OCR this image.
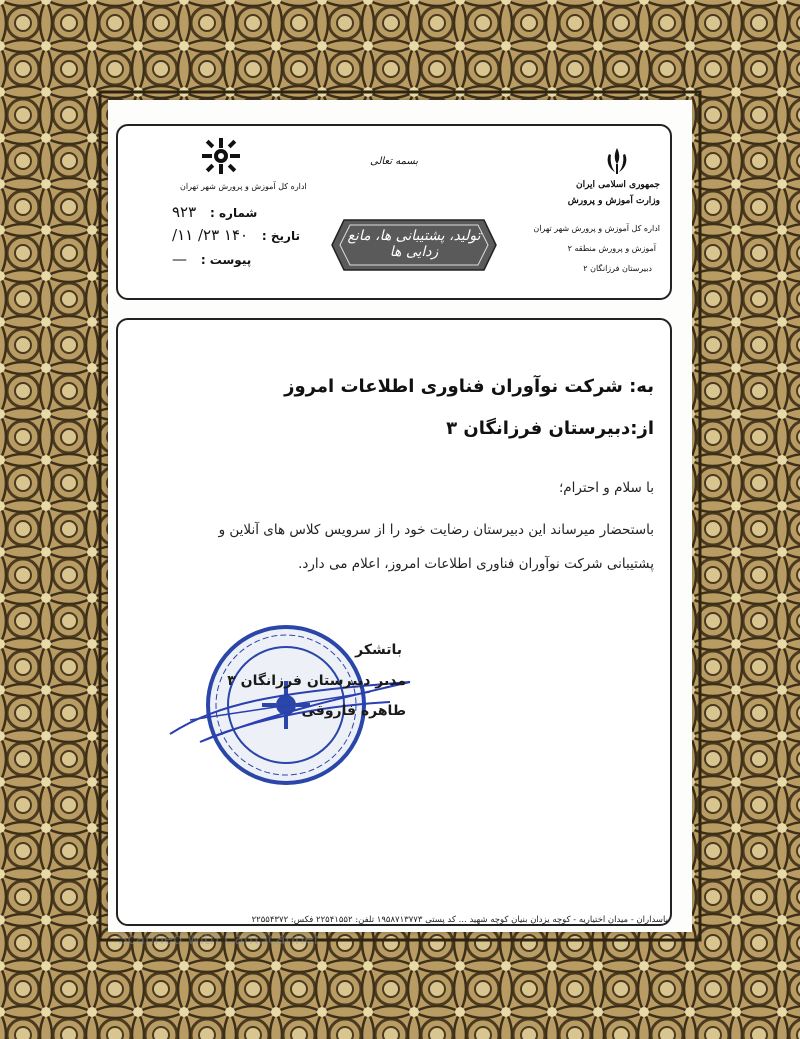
جمهوری اسلامی ایران
وزارت آموزش و پرورش
اداره کل آموزش و پرورش شهر تهران
آموزش و پرورش منطقه ۲
دبیرستان فرزانگان ۲
بسمه تعالی
اداره کل آموزش و پرورش شهر تهران
شماره : ۹۲۳
تاریخ : ۱۴۰ ۲۳/ ۱۱/
پیوست : —
تولید، پشتیبانی ها، مانع زدایی ها
به: شرکت نوآوران فناوری اطلاعات امروز
از:دبیرستان فرزانگان ۳
با سلام و احترام؛
باستحضار میرساند این دبیرستان رضایت خود را از سرویس کلاس های آنلاین و
پشتیبانی شرکت نوآوران فناوری اطلاعات امروز، اعلام می دارد.
باتشکر
مدیر دبیرستان فرزانگان ۳
طاهره فاروقی
پاسداران - میدان اختیاریه - کوچه یزدان بنیان کوچه شهید ... کد پستی ۱۹۵۸۷۱۳۷۷۳ تلفن: ۲۲۵۴۱۵۵۲ فکس: ۲۲۵۵۴۳۷۲
Scanned with CamScanner
